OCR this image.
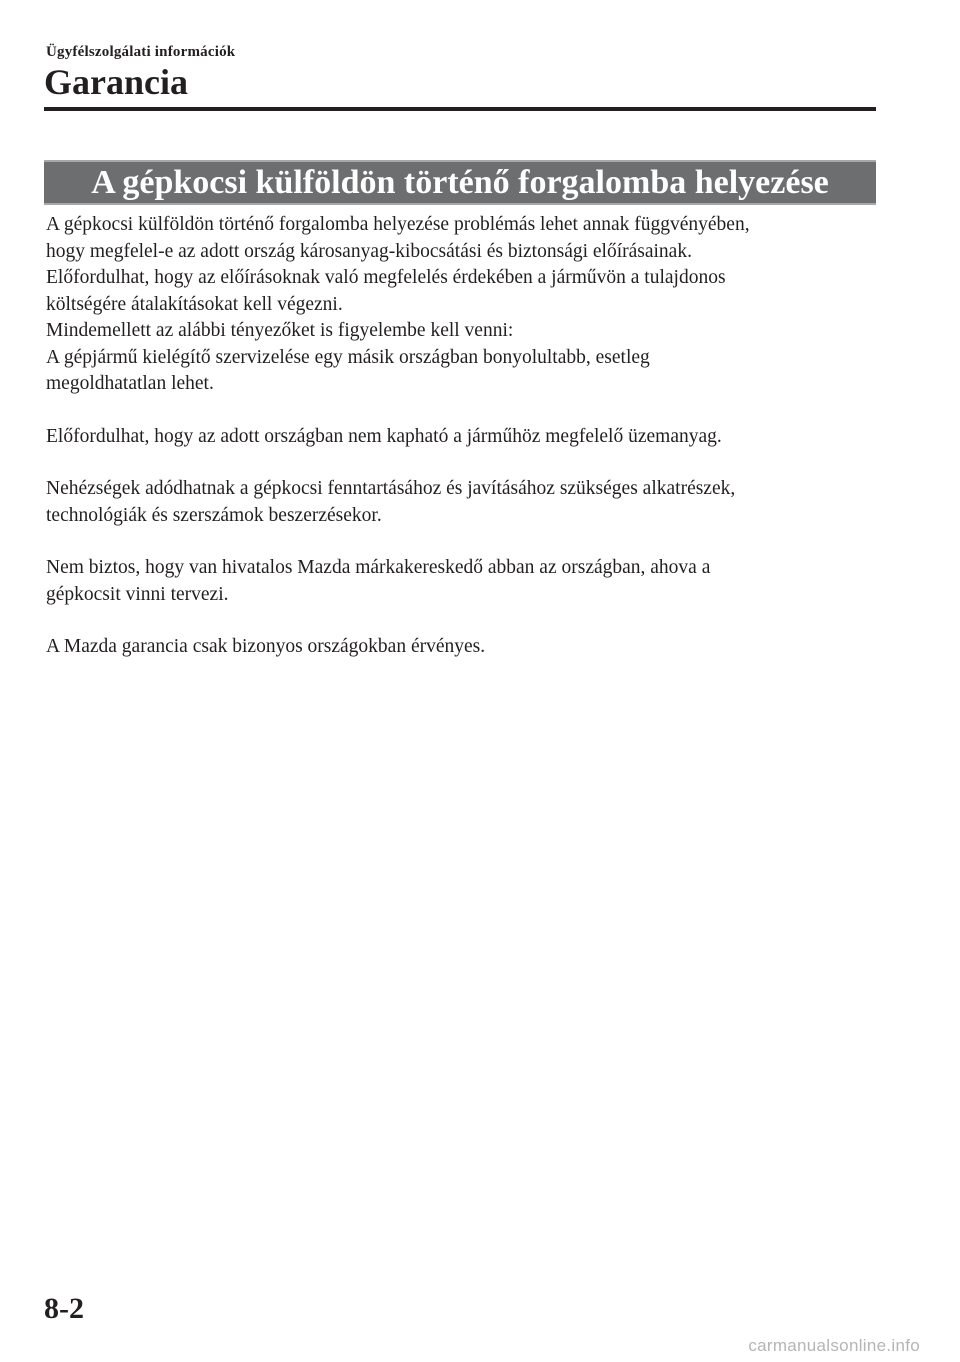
Ügyfélszolgálati információk
Garancia
A gépkocsi külföldön történő forgalomba helyezése

A gépkocsi külföldön történő forgalomba helyezése problémás lehet annak függvényében,

hogy megfelel-e az adott ország károsanyag-kibocsátási és biztonsági előírásainak.

Előfordulhat, hogy az előírásoknak való megfelelés érdekében a járművön a tulajdonos

költségére átalakításokat kell végezni.

Mindemellett az alábbi tényezőket is figyelembe kell venni:

A gépjármű kielégítő szervizelése egy másik országban bonyolultabb, esetleg

megoldhatatlan lehet.

Előfordulhat, hogy az adott országban nem kapható a járműhöz megfelelő üzemanyag.

Nehézségek adódhatnak a gépkocsi fenntartásához és javításához szükséges alkatrészek,

technológiák és szerszámok beszerzésekor.

Nem biztos, hogy van hivatalos Mazda márkakereskedő abban az országban, ahova a

gépkocsit vinni tervezi.

A Mazda garancia csak bizonyos országokban érvényes.

8-2
carmanualsonline.info
